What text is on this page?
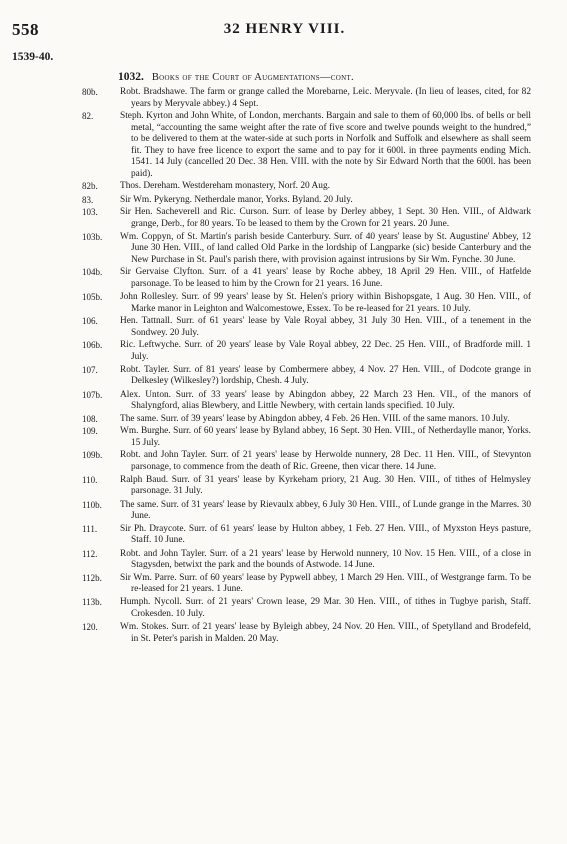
558	32 HENRY VIII.
1539-40.
1032. Books of the Court of Augmentations—cont.
80b. Robt. Bradshawe. The farm or grange called the Morebarne, Leic. Meryvale. (In lieu of leases, cited, for 82 years by Meryvale abbey.) 4 Sept.
82.	Steph. Kyrton and John White, of London, merchants. Bargain and sale to them of 60,000 lbs. of bells or bell metal, “accounting the same weight after the rate of five score and twelve pounds weight to the hundred,” to be delivered to them at the water-side at such ports in Norfolk and Suffolk and elsewhere as shall seem fit. They to have free licence to export the same and to pay for it 600l. in three payments ending Mich. 1541. 14 July (cancelled 20 Dec. 38 Hen. VIII. with the note by Sir Edward North that the 600l. has been paid).
82b. Thos. Dereham. Westdereham monastery, Norf. 20 Aug.
83.	Sir Wm. Pykeryng. Netherdale manor, Yorks. Byland. 20 July.
103. Sir Hen. Sacheverell and Ric. Curson. Surr. of lease by Derley abbey, 1 Sept. 30 Hen. VIII., of Aldwark grange, Derb., for 80 years. To be leased to them by the Crown for 21 years. 20 June.
103b. Wm. Coppyn, of St. Martin's parish beside Canterbury. Surr. of 40 years' lease by St. Augustine' Abbey, 12 June 30 Hen. VIII., of land called Old Parke in the lordship of Langparke (sic) beside Canterbury and the New Purchase in St. Paul's parish there, with provision against intrusions by Sir Wm. Fynche. 30 June.
104b. Sir Gervaise Clyfton. Surr. of a 41 years' lease by Roche abbey, 18 April 29 Hen. VIII., of Hatfelde parsonage. To be leased to him by the Crown for 21 years. 16 June.
105b. John Rollesley. Surr. of 99 years' lease by St. Helen's priory within Bishopsgate, 1 Aug. 30 Hen. VIII., of Marke manor in Leighton and Walcomestowe, Essex. To be re-leased for 21 years. 10 July.
106. Hen. Tattnall. Surr. of 61 years' lease by Vale Royal abbey, 31 July 30 Hen. VIII., of a tenement in the Sondwey. 20 July.
106b. Ric. Leftwyche. Surr. of 20 years' lease by Vale Royal abbey, 22 Dec. 25 Hen. VIII., of Bradforde mill. 1 July.
107. Robt. Tayler. Surr. of 81 years' lease by Combermere abbey, 4 Nov. 27 Hen. VIII., of Dodcote grange in Delkesley (Wilkesley?) lordship, Chesh. 4 July.
107b. Alex. Unton. Surr. of 33 years' lease by Abingdon abbey, 22 March 23 Hen. VII., of the manors of Shalyngford, alias Blewbery, and Little Newbery, with certain lands specified. 10 July.
108. The same. Surr. of 39 years' lease by Abingdon abbey, 4 Feb. 26 Hen. VIII. of the same manors. 10 July.
109. Wm. Burghe. Surr. of 60 years' lease by Byland abbey, 16 Sept. 30 Hen. VIII., of Netherdaylle manor, Yorks. 15 July.
109b. Robt. and John Tayler. Surr. of 21 years' lease by Herwolde nunnery, 28 Dec. 11 Hen. VIII., of Stevynton parsonage, to commence from the death of Ric. Greene, then vicar there. 14 June.
110. Ralph Baud. Surr. of 31 years' lease by Kyrkeham priory, 21 Aug. 30 Hen. VIII., of tithes of Helmysley parsonage. 31 July.
110b. The same. Surr. of 31 years' lease by Rievaulx abbey, 6 July 30 Hen. VIII., of Lunde grange in the Marres. 30 June.
111. Sir Ph. Draycote. Surr. of 61 years' lease by Hulton abbey, 1 Feb. 27 Hen. VIII., of Myxston Heys pasture, Staff. 10 June.
112. Robt. and John Tayler. Surr. of a 21 years' lease by Herwold nunnery, 10 Nov. 15 Hen. VIII., of a close in Stagysden, betwixt the park and the bounds of Astwode. 14 June.
112b. Sir Wm. Parre. Surr. of 60 years' lease by Pypwell abbey, 1 March 29 Hen. VIII., of Westgrange farm. To be re-leased for 21 years. 1 June.
113b. Humph. Nycoll. Surr. of 21 years' Crown lease, 29 Mar. 30 Hen. VIII., of tithes in Tugbye parish, Staff. Crokesden. 10 July.
120. Wm. Stokes. Surr. of 21 years' lease by Byleigh abbey, 24 Nov. 20 Hen. VIII., of Spetylland and Brodefeld, in St. Peter's parish in Malden. 20 May.
